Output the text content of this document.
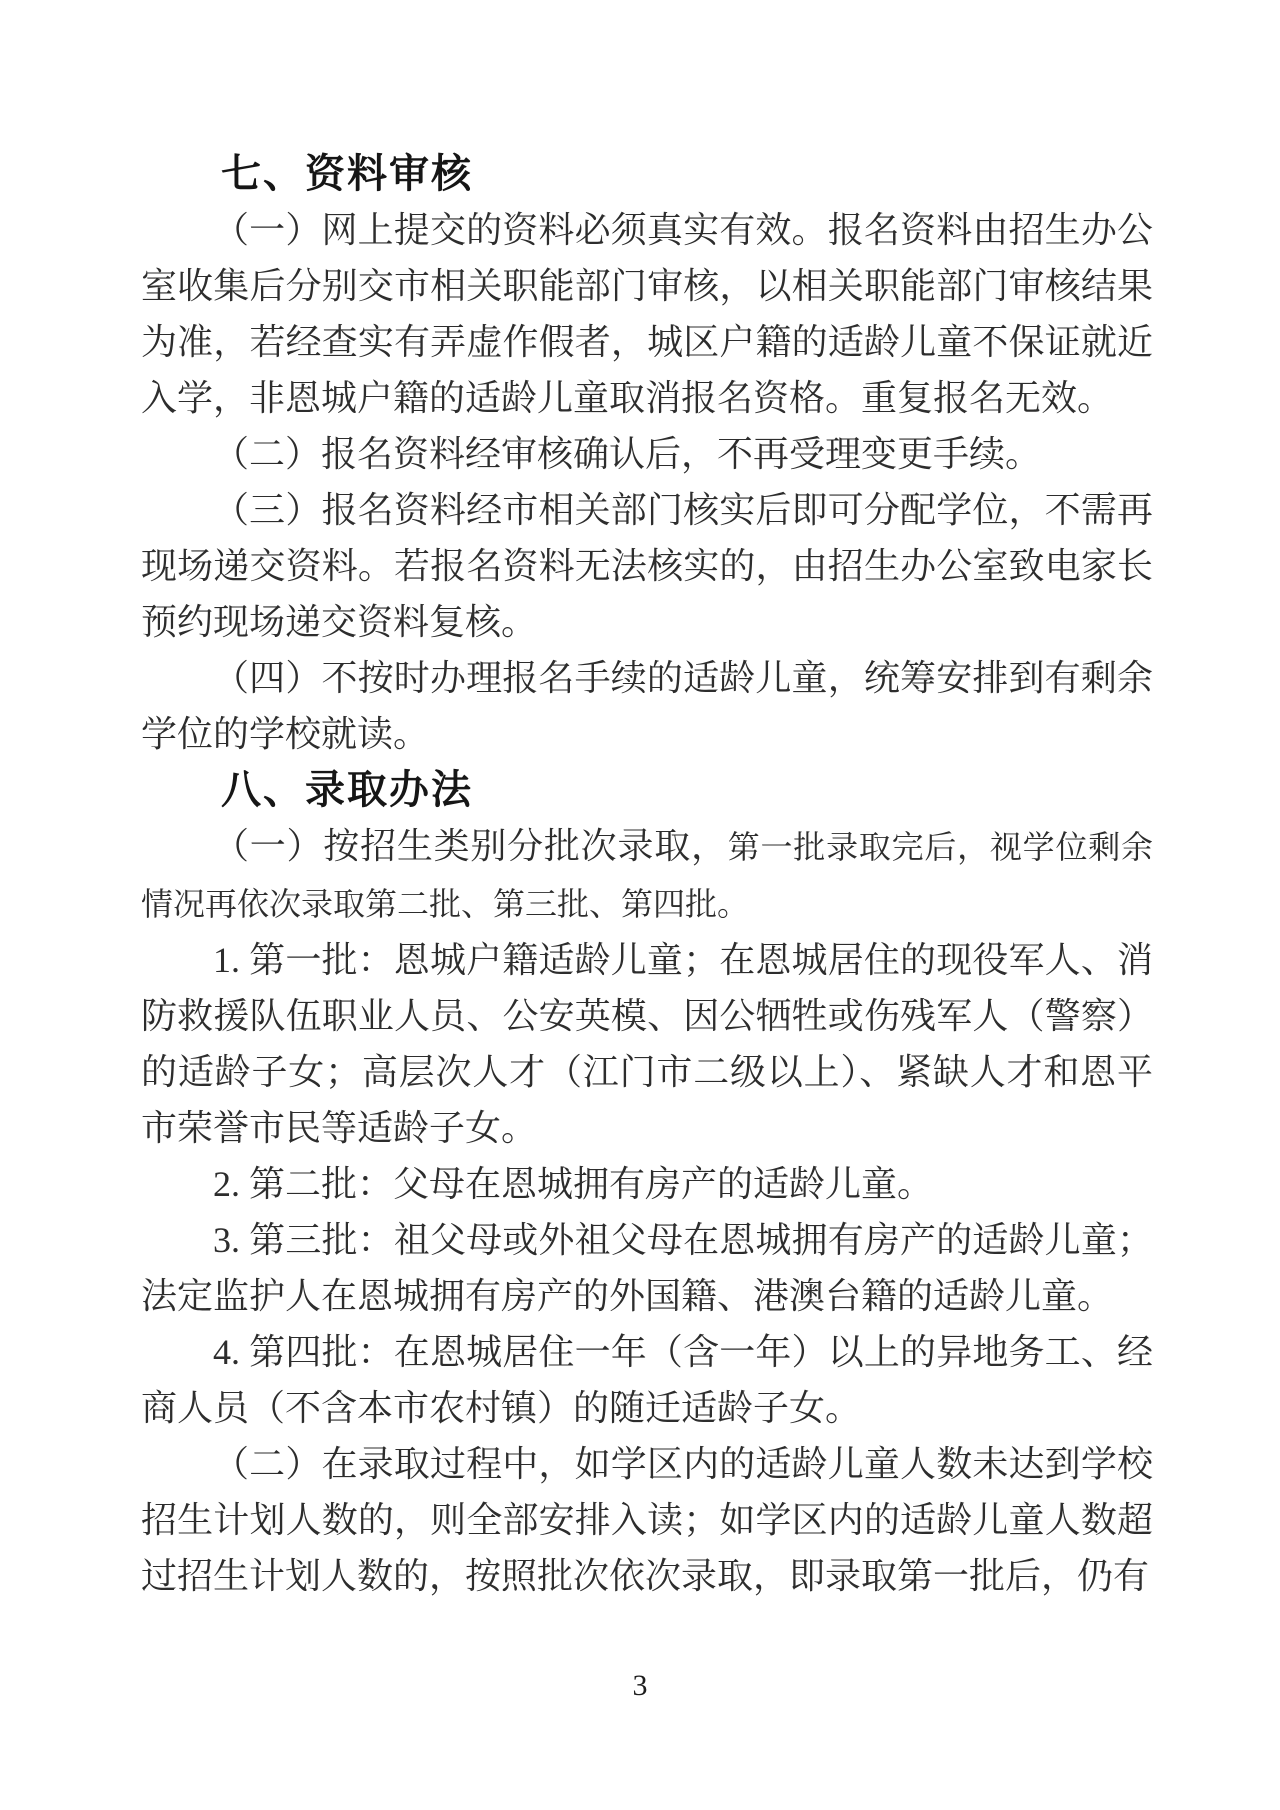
七、资料审核

（一）网上提交的资料必须真实有效。报名资料由招生办公室收集后分别交市相关职能部门审核，以相关职能部门审核结果为准，若经查实有弄虚作假者，城区户籍的适龄儿童不保证就近入学，非恩城户籍的适龄儿童取消报名资格。重复报名无效。

（二）报名资料经审核确认后，不再受理变更手续。

（三）报名资料经市相关部门核实后即可分配学位，不需再现场递交资料。若报名资料无法核实的，由招生办公室致电家长预约现场递交资料复核。

（四）不按时办理报名手续的适龄儿童，统筹安排到有剩余学位的学校就读。

八、录取办法

（一）按招生类别分批次录取，第一批录取完后，视学位剩余情况再依次录取第二批、第三批、第四批。

1. 第一批：恩城户籍适龄儿童；在恩城居住的现役军人、消防救援队伍职业人员、公安英模、因公牺牲或伤残军人（警察）的适龄子女；高层次人才（江门市二级以上）、紧缺人才和恩平市荣誉市民等适龄子女。

2. 第二批：父母在恩城拥有房产的适龄儿童。

3. 第三批：祖父母或外祖父母在恩城拥有房产的适龄儿童；法定监护人在恩城拥有房产的外国籍、港澳台籍的适龄儿童。

4. 第四批：在恩城居住一年（含一年）以上的异地务工、经商人员（不含本市农村镇）的随迁适龄子女。

（二）在录取过程中，如学区内的适龄儿童人数未达到学校招生计划人数的，则全部安排入读；如学区内的适龄儿童人数超过招生计划人数的，按照批次依次录取，即录取第一批后，仍有

3
